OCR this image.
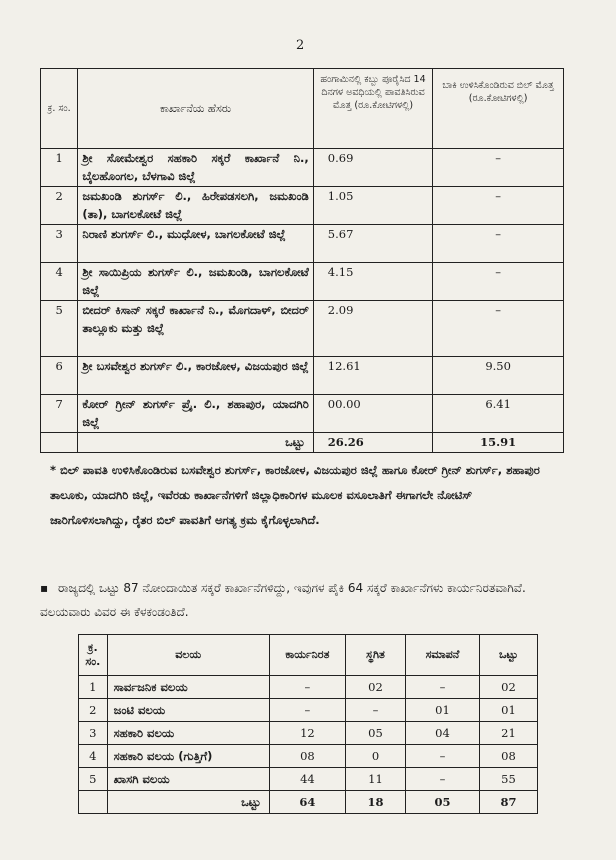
2
ಕ್ರ. ಸಂ.	ಕಾರ್ಖಾನೆಯ ಹೆಸರು	ಹಂಗಾಮಿನಲ್ಲಿ ಕಬ್ಬು ಪೂರೈಸಿದ 14 ದಿನಗಳ ಅವಧಿಯಲ್ಲಿ ಪಾವತಿಸಿರುವ ಮೊತ್ತ (ರೂ.ಕೋಟಿಗಳಲ್ಲಿ)	ಬಾಕಿ ಉಳಿಸಿಕೊಂಡಿರುವ ಬಿಲ್ ಮೊತ್ತ (ರೂ.ಕೋಟಿಗಳಲ್ಲಿ)
1	ಶ್ರೀ ಸೋಮೇಶ್ವರ ಸಹಕಾರಿ ಸಕ್ಕರೆ ಕಾರ್ಖಾನೆ ನಿ., ಬೈಲಹೊಂಗಲ, ಬೆಳಗಾವಿ ಜಿಲ್ಲೆ	0.69	–
2	ಜಮಖಂಡಿ ಶುಗರ್ಸ್ ಲಿ., ಹಿರೇಪಡಸಲಗಿ, ಜಮಖಂಡಿ (ತಾ), ಬಾಗಲಕೋಟೆ ಜಿಲ್ಲೆ	1.05	–
3	ನಿರಾಣಿ ಶುಗರ್ಸ್ ಲಿ., ಮುಧೋಳ, ಬಾಗಲಕೋಟೆ ಜಿಲ್ಲೆ	5.67	–
4	ಶ್ರೀ ಸಾಯಿಪ್ರಿಯ ಶುಗರ್ಸ್ ಲಿ., ಜಮಖಂಡಿ, ಬಾಗಲಕೋಟೆ ಜಿಲ್ಲೆ	4.15	–
5	ಬೀದರ್ ಕಿಸಾನ್ ಸಕ್ಕರೆ ಕಾರ್ಖಾನೆ ನಿ., ಮೊಗದಾಳ್, ಬೀದರ್ ತಾಲ್ಲೂಕು ಮತ್ತು ಜಿಲ್ಲೆ	2.09	–
6	ಶ್ರೀ ಬಸವೇಶ್ವರ ಶುಗರ್ಸ್ ಲಿ., ಕಾರಜೋಳ, ವಿಜಯಪುರ ಜಿಲ್ಲೆ	12.61	9.50
7	ಕೋರ್ ಗ್ರೀನ್ ಶುಗರ್ಸ್ ಪ್ರೈ. ಲಿ., ಶಹಾಪುರ, ಯಾದಗಿರಿ ಜಿಲ್ಲೆ	00.00	6.41
	ಒಟ್ಟು	26.26	15.91
* ಬಿಲ್ ಪಾವತಿ ಉಳಿಸಿಕೊಂಡಿರುವ ಬಸವೇಶ್ವರ ಶುಗರ್ಸ್, ಕಾರಜೋಳ, ವಿಜಯಪುರ ಜಿಲ್ಲೆ ಹಾಗೂ ಕೋರ್ ಗ್ರೀನ್ ಶುಗರ್ಸ್, ಶಹಾಪುರ ತಾಲೂಕು, ಯಾದಗಿರಿ ಜಿಲ್ಲೆ, ಇವೆರಡು ಕಾರ್ಖಾನೆಗಳಿಗೆ ಜಿಲ್ಲಾಧಿಕಾರಿಗಳ ಮೂಲಕ ವಸೂಲಾತಿಗೆ ಈಗಾಗಲೇ ನೋಟಿಸ್ ಜಾರಿಗೊಳಿಸಲಾಗಿದ್ದು, ರೈತರ ಬಿಲ್ ಪಾವತಿಗೆ ಅಗತ್ಯ ಕ್ರಮ ಕೈಗೊಳ್ಳಲಾಗಿದೆ.
▪ ರಾಜ್ಯದಲ್ಲಿ ಒಟ್ಟು 87 ನೋಂದಾಯಿತ ಸಕ್ಕರೆ ಕಾರ್ಖಾನೆಗಳಿದ್ದು, ಇವುಗಳ ಪೈಕಿ 64 ಸಕ್ಕರೆ ಕಾರ್ಖಾನೆಗಳು ಕಾರ್ಯನಿರತವಾಗಿವೆ. ವಲಯವಾರು ವಿವರ ಈ ಕೆಳಕಂಡಂತಿದೆ.
ಕ್ರ. ಸಂ.	ವಲಯ	ಕಾರ್ಯನಿರತ	ಸ್ಥಗಿತ	ಸಮಾಪನೆ	ಒಟ್ಟು
1	ಸಾರ್ವಜನಿಕ ವಲಯ	–	02	–	02
2	ಜಂಟಿ ವಲಯ	–	–	01	01
3	ಸಹಕಾರಿ ವಲಯ	12	05	04	21
4	ಸಹಕಾರಿ ವಲಯ (ಗುತ್ತಿಗೆ)	08	0	–	08
5	ಖಾಸಗಿ ವಲಯ	44	11	–	55
	ಒಟ್ಟು	64	18	05	87
